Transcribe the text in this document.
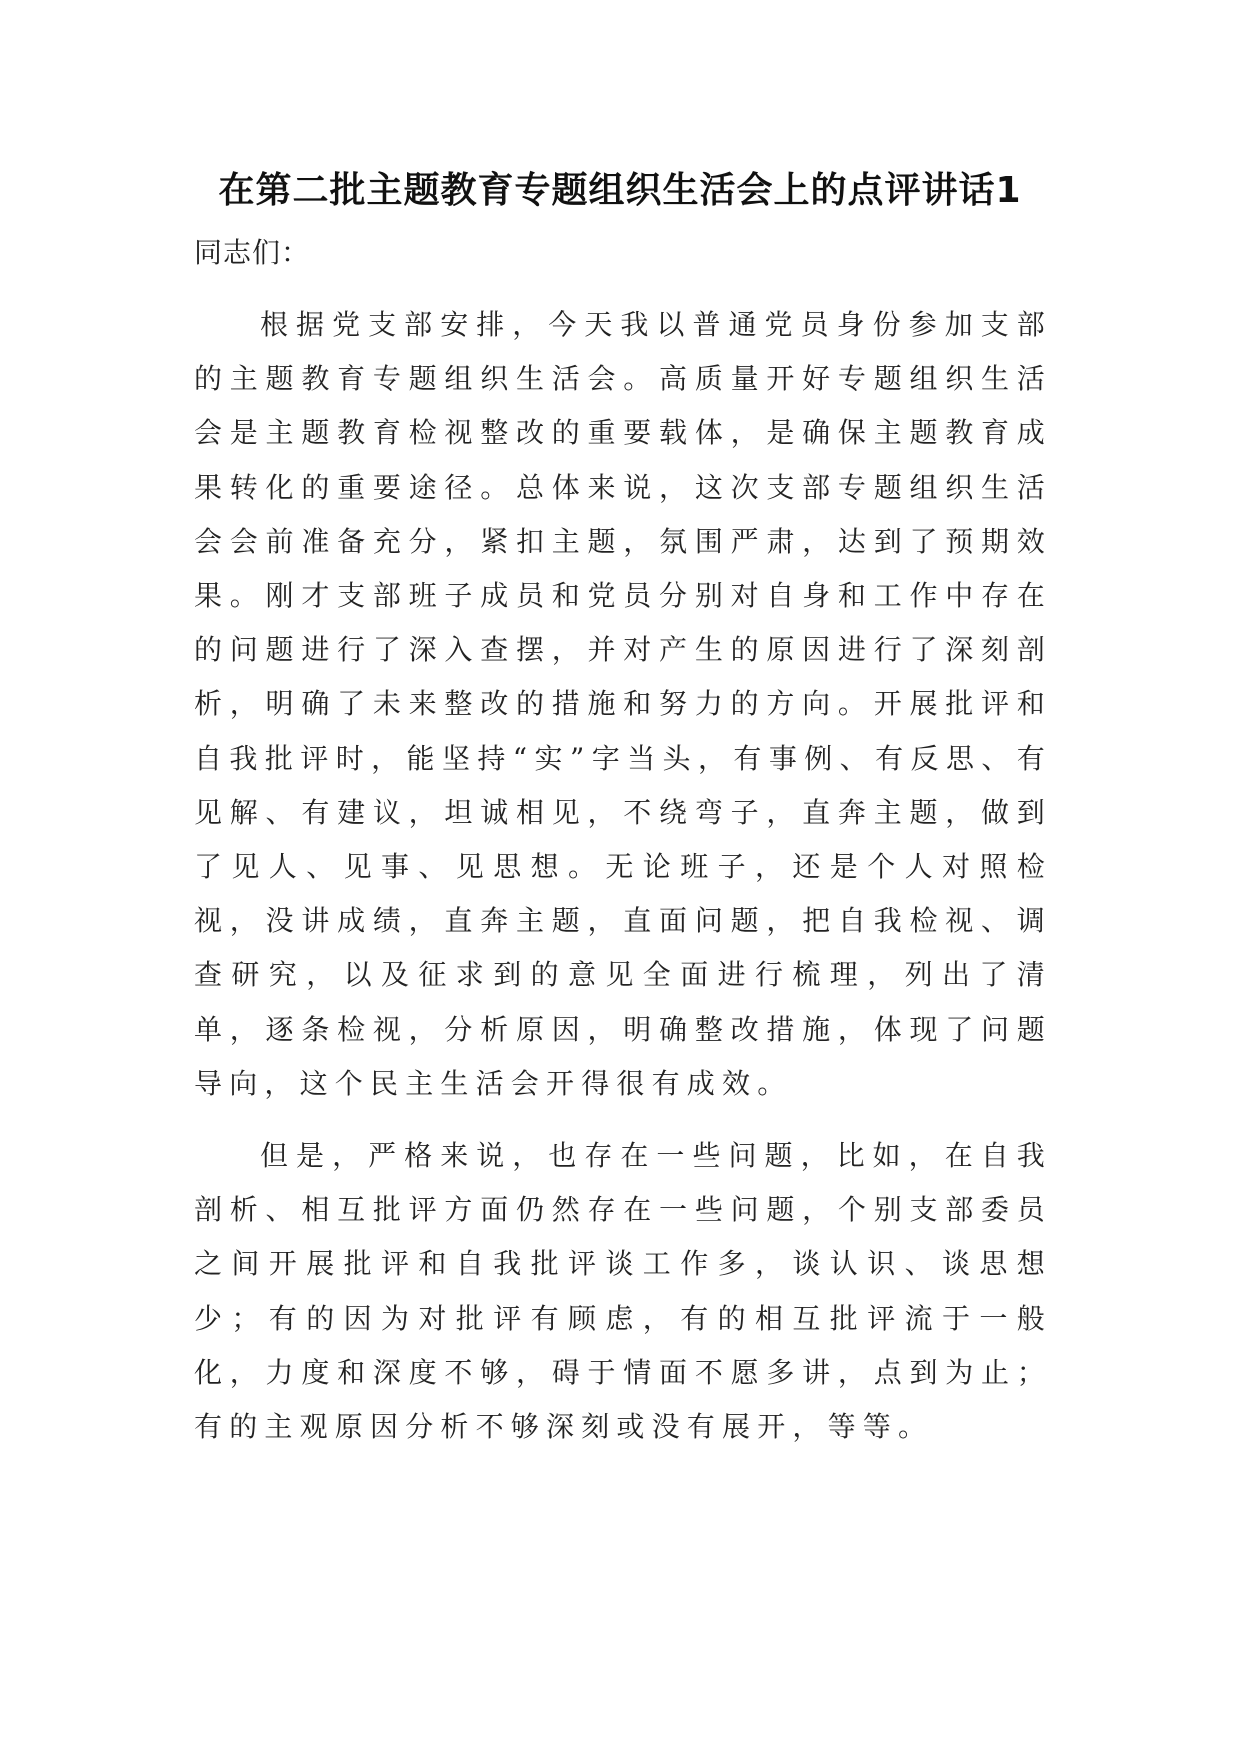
在第二批主题教育专题组织生活会上的点评讲话1

同志们：

根据党支部安排，今天我以普通党员身份参加支部的主题教育专题组织生活会。高质量开好专题组织生活会是主题教育检视整改的重要载体，是确保主题教育成果转化的重要途径。总体来说，这次支部专题组织生活会会前准备充分，紧扣主题，氛围严肃，达到了预期效果。刚才支部班子成员和党员分别对自身和工作中存在的问题进行了深入查摆，并对产生的原因进行了深刻剖析，明确了未来整改的措施和努力的方向。开展批评和自我批评时，能坚持“实”字当头，有事例、有反思、有见解、有建议，坦诚相见，不绕弯子，直奔主题，做到了见人、见事、见思想。无论班子，还是个人对照检视，没讲成绩，直奔主题，直面问题，把自我检视、调查研究，以及征求到的意见全面进行梳理，列出了清单，逐条检视，分析原因，明确整改措施，体现了问题导向，这个民主生活会开得很有成效。

但是，严格来说，也存在一些问题，比如，在自我剖析、相互批评方面仍然存在一些问题，个别支部委员之间开展批评和自我批评谈工作多，谈认识、谈思想少；有的因为对批评有顾虑，有的相互批评流于一般化，力度和深度不够，碍于情面不愿多讲，点到为止；有的主观原因分析不够深刻或没有展开，等等。
